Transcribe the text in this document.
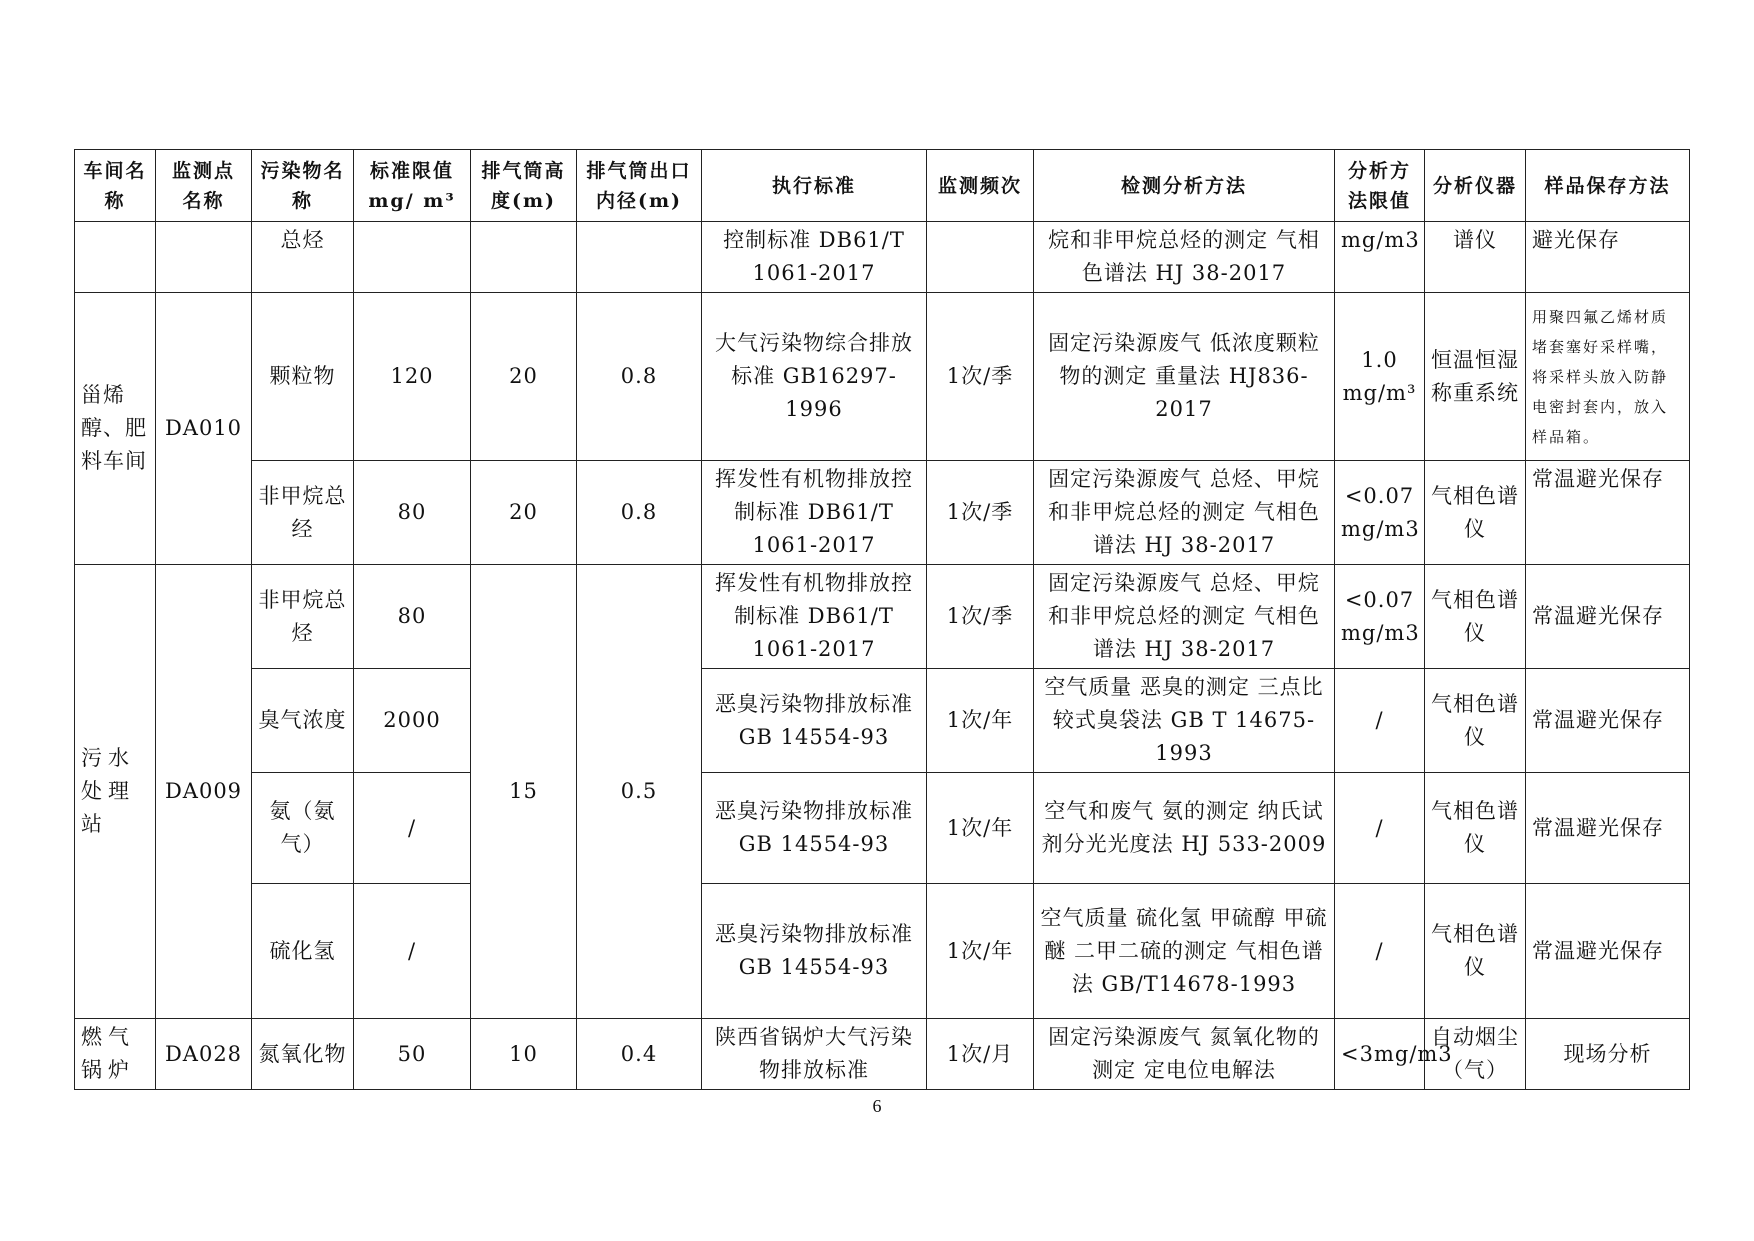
车间名称	监测点名称	污染物名称	标准限值mg/ m³	排气筒高度(m)	排气筒出口内径(m)	执行标准	监测频次	检测分析方法	分析方法限值	分析仪器	样品保存方法
		总烃				控制标准 DB61/T 1061-2017		烷和非甲烷总烃的测定 气相色谱法 HJ 38-2017	mg/m3	谱仪	避光保存
甾烯醇、肥料车间	DA010	颗粒物	120	20	0.8	大气污染物综合排放标准 GB16297-1996	1次/季	固定污染源废气 低浓度颗粒物的测定 重量法 HJ836-2017	1.0 mg/m³	恒温恒湿称重系统	用聚四氟乙烯材质堵套塞好采样嘴，将采样头放入防静电密封套内，放入样品箱。
		非甲烷总经	80	20	0.8	挥发性有机物排放控制标准 DB61/T 1061-2017	1次/季	固定污染源废气 总烃、甲烷和非甲烷总烃的测定 气相色谱法 HJ 38-2017	<0.07 mg/m3	气相色谱仪	常温避光保存
污水处理站	DA009	非甲烷总烃	80	15	0.5	挥发性有机物排放控制标准 DB61/T 1061-2017	1次/季	固定污染源废气 总烃、甲烷和非甲烷总烃的测定 气相色谱法 HJ 38-2017	<0.07 mg/m3	气相色谱仪	常温避光保存
		臭气浓度	2000			恶臭污染物排放标准 GB 14554-93	1次/年	空气质量 恶臭的测定 三点比较式臭袋法 GB T 14675-1993	/	气相色谱仪	常温避光保存
		氨（氨气）	/			恶臭污染物排放标准 GB 14554-93	1次/年	空气和废气 氨的测定 纳氏试剂分光光度法 HJ 533-2009	/	气相色谱仪	常温避光保存
		硫化氢	/			恶臭污染物排放标准 GB 14554-93	1次/年	空气质量 硫化氢 甲硫醇 甲硫醚 二甲二硫的测定 气相色谱法 GB/T14678-1993	/	气相色谱仪	常温避光保存
燃气锅炉	DA028	氮氧化物	50	10	0.4	陕西省锅炉大气污染物排放标准	1次/月	固定污染源废气 氮氧化物的测定 定电位电解法	<3mg/m3	自动烟尘（气）	现场分析
6
